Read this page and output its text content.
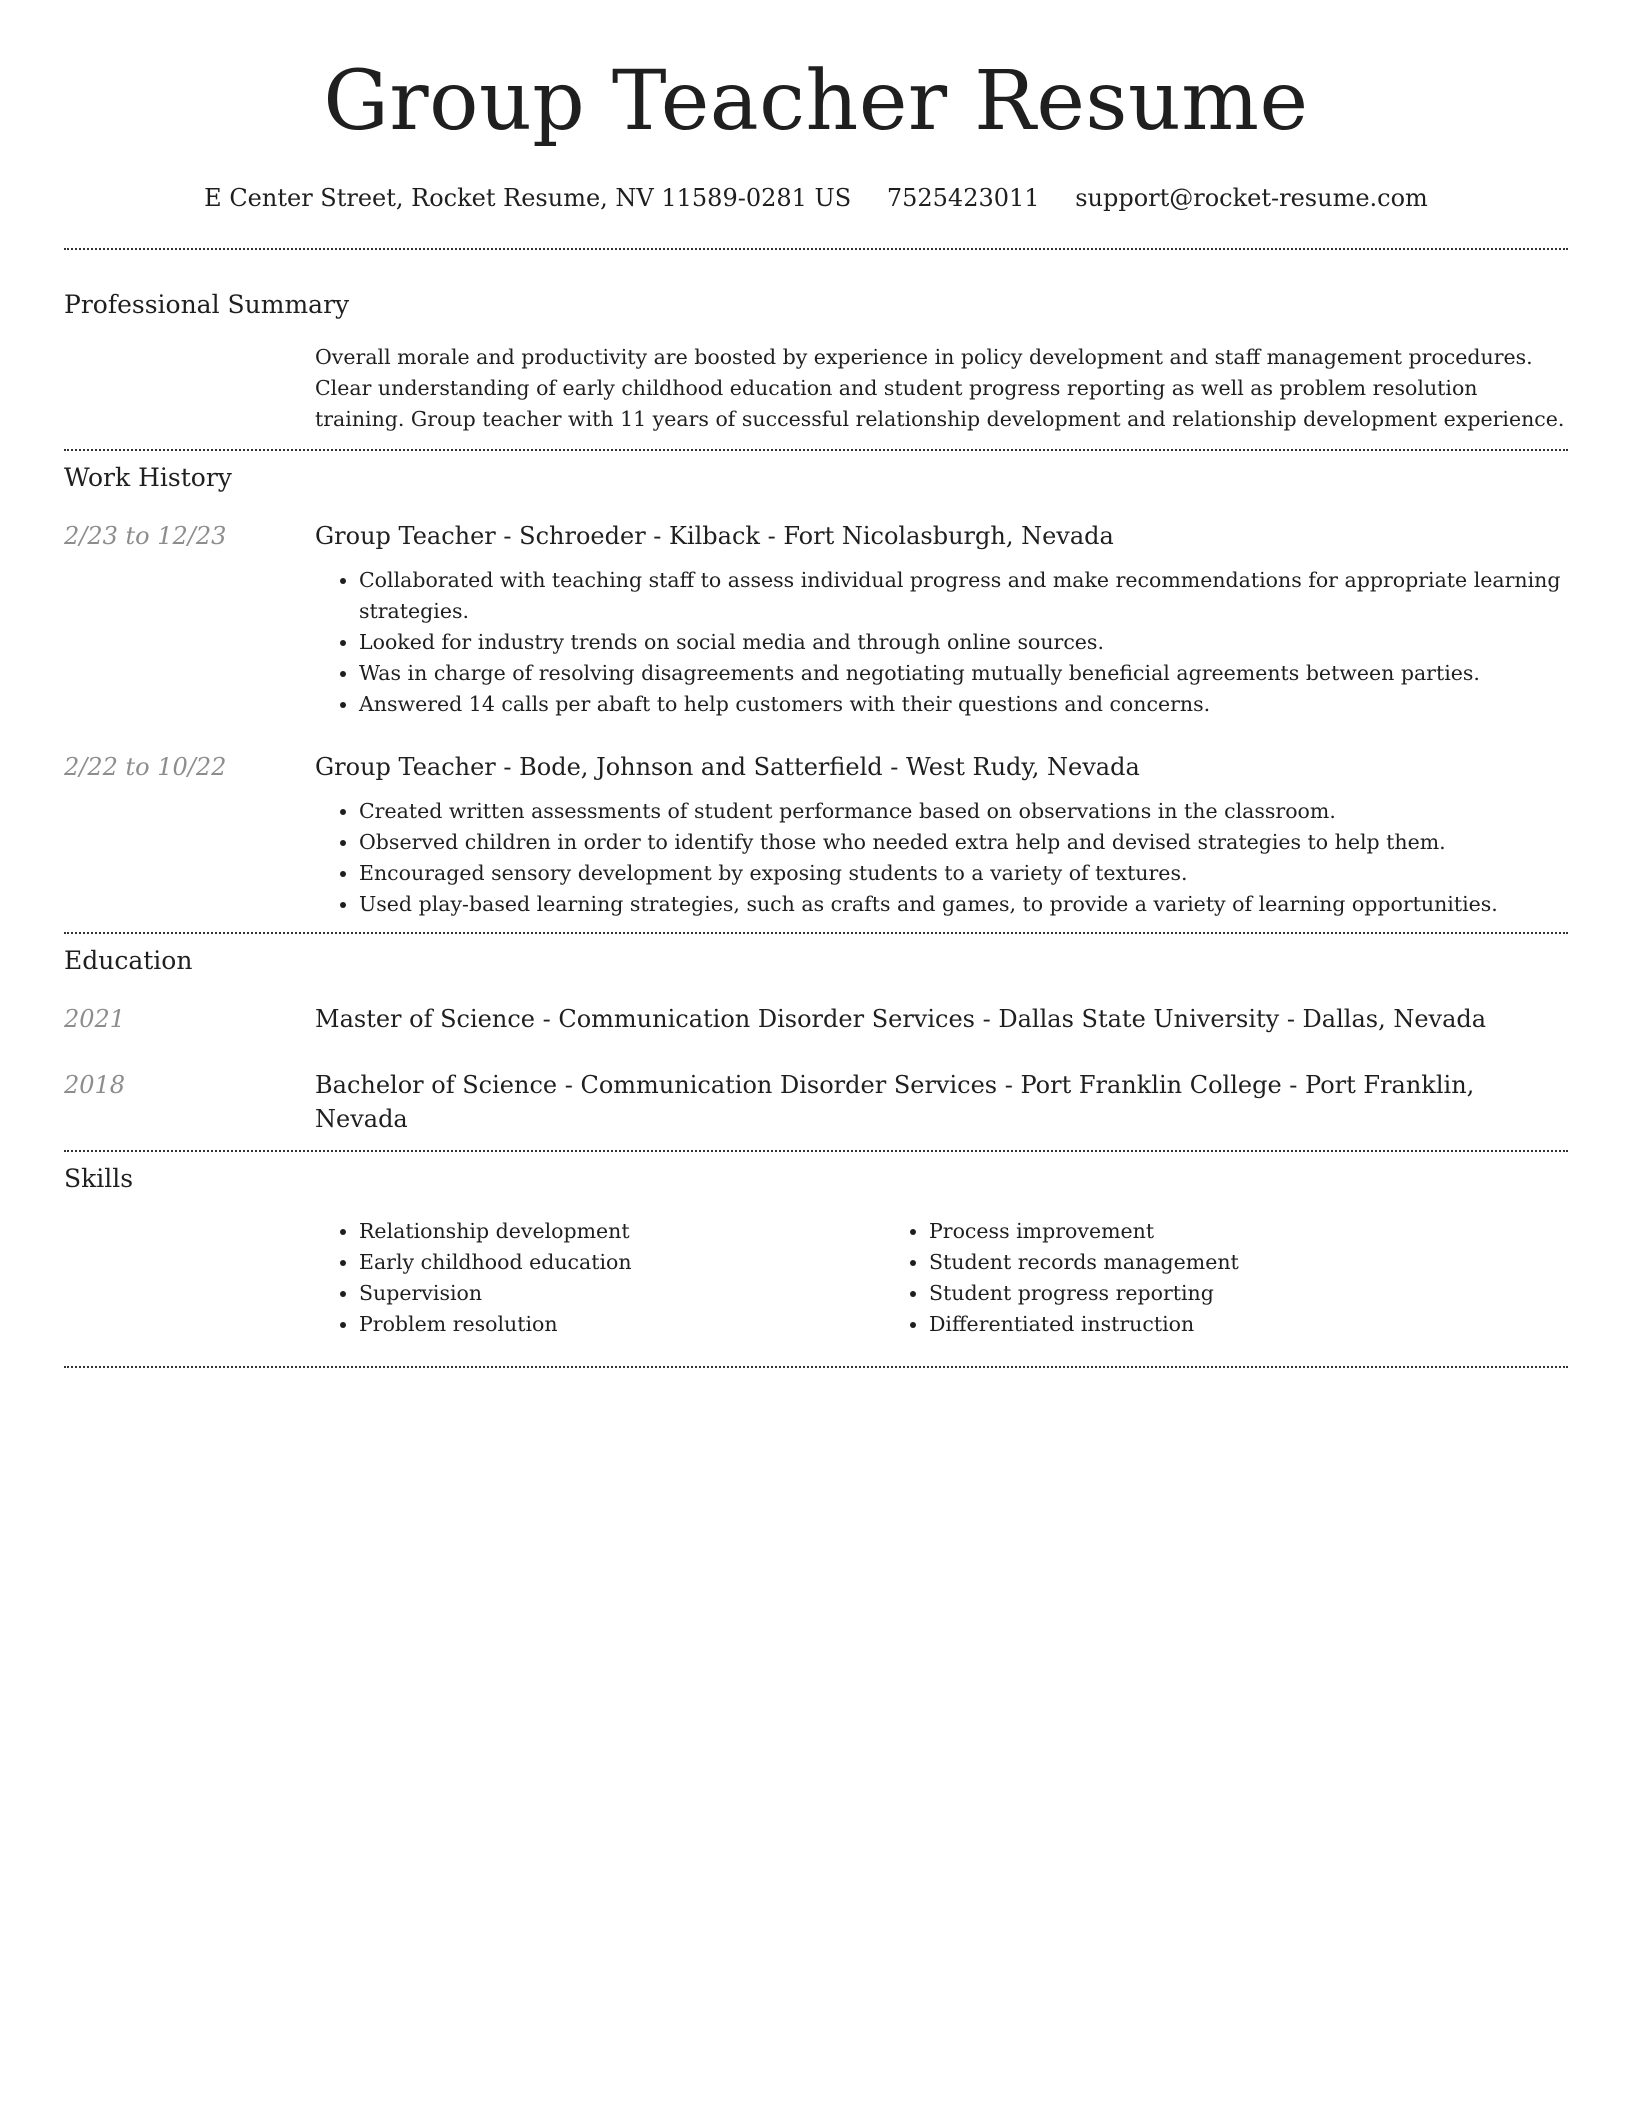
Group Teacher Resume
E Center Street, Rocket Resume, NV 11589-0281 US 7525423011 support@rocket-resume.com
Professional Summary

Overall morale and productivity are boosted by experience in policy development and staff management procedures. Clear understanding of early childhood education and student progress reporting as well as problem resolution training. Group teacher with 11 years of successful relationship development and relationship development experience.

Work History
2/23 to 12/23	Group Teacher - Schroeder - Kilback - Fort Nicolasburgh, Nevada

• Collaborated with teaching staff to assess individual progress and make recommendations for appropriate learning strategies.
• Looked for industry trends on social media and through online sources.
• Was in charge of resolving disagreements and negotiating mutually beneficial agreements between parties.
• Answered 14 calls per abaft to help customers with their questions and concerns.
2/22 to 10/22	Group Teacher - Bode, Johnson and Satterfield - West Rudy, Nevada

• Created written assessments of student performance based on observations in the classroom.
• Observed children in order to identify those who needed extra help and devised strategies to help them.
• Encouraged sensory development by exposing students to a variety of textures.
• Used play-based learning strategies, such as crafts and games, to provide a variety of learning opportunities.
Education
2021	Master of Science - Communication Disorder Services - Dallas State University - Dallas, Nevada
2018	Bachelor of Science - Communication Disorder Services - Port Franklin College - Port Franklin, Nevada
Skills
• Relationship development
• Early childhood education
• Supervision
• Problem resolution
• Process improvement
• Student records management
• Student progress reporting
• Differentiated instruction
